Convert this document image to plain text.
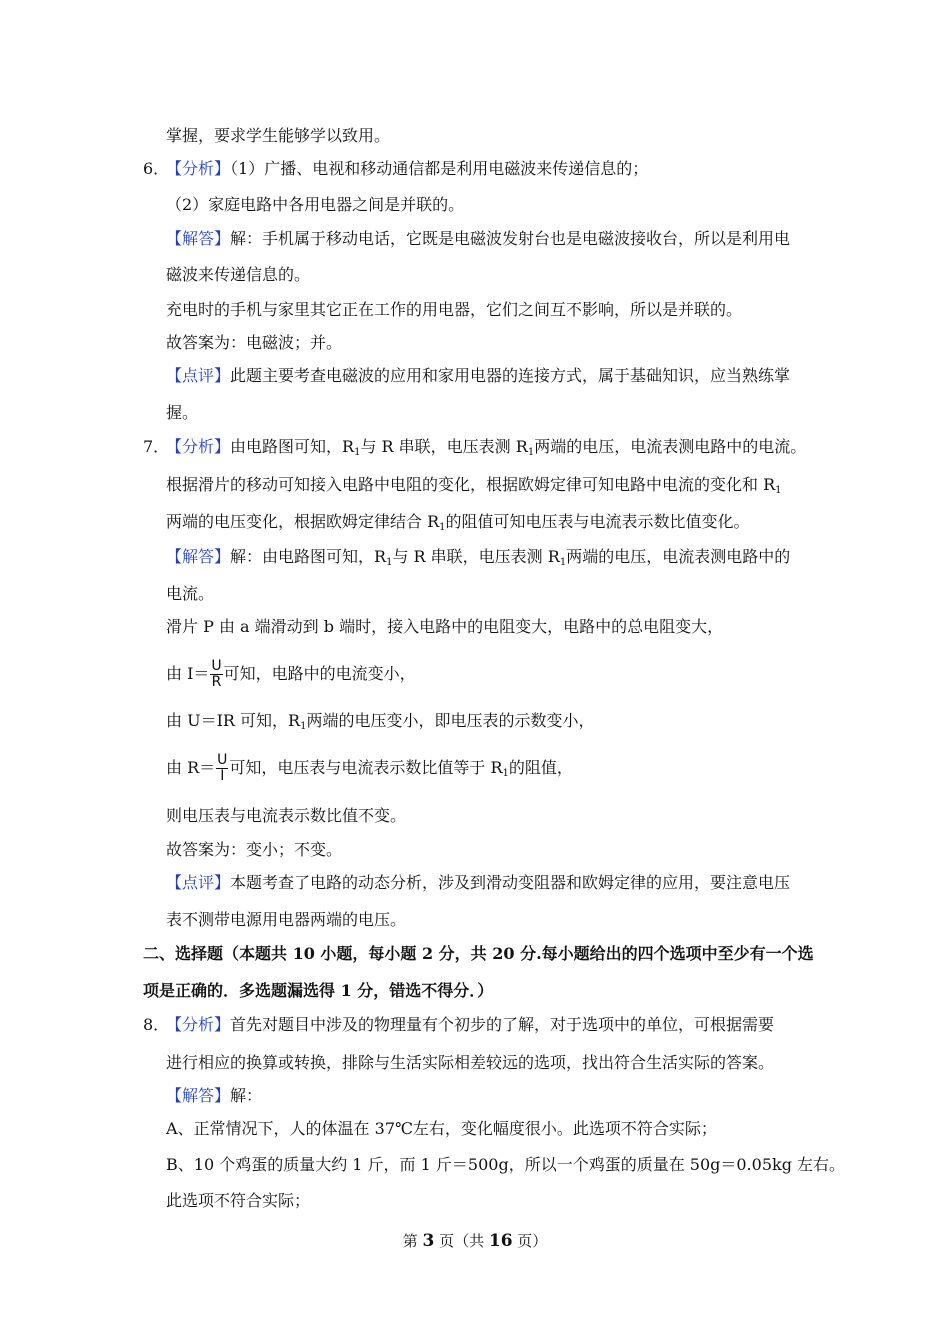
掌握，要求学生能够学以致用。
6．
【分析】（1）广播、电视和移动通信都是利用电磁波来传递信息的；
（2）家庭电路中各用电器之间是并联的。
【解答】解：手机属于移动电话，它既是电磁波发射台也是电磁波接收台，所以是利用电
磁波来传递信息的。
充电时的手机与家里其它正在工作的用电器，它们之间互不影响，所以是并联的。
故答案为：电磁波；并。
【点评】此题主要考查电磁波的应用和家用电器的连接方式，属于基础知识，应当熟练掌
握。
7．
【分析】由电路图可知，$R_1$与 R 串联，电压表测 $R_1$两端的电压，电流表测电路中的电流。
根据滑片的移动可知接入电路中电阻的变化，根据欧姆定律可知电路中电流的变化和 $R_1$
两端的电压变化，根据欧姆定律结合 $R_1$的阻值可知电压表与电流表示数比值变化。
【解答】解：由电路图可知，$R_1$与 R 串联，电压表测 $R_1$两端的电压，电流表测电路中的
电流。
滑片 P 由 a 端滑动到 b 端时，接入电路中的电阻变大，电路中的总电阻变大，
由 $I= \frac{U}{R}$ 可知，电路中的电流变小，
由 U＝IR 可知，$R_1$两端的电压变小，即电压表的示数变小，
由 $R= \frac{U}{I}$ 可知，电压表与电流表示数比值等于 $R_1$的阻值，
则电压表与电流表示数比值不变。
故答案为：变小；不变。
【点评】本题考查了电路的动态分析，涉及到滑动变阻器和欧姆定律的应用，要注意电压
表不测带电源用电器两端的电压。
二、选择题（本题共 10 小题，每小题 2 分，共 20 分.每小题给出的四个选项中至少有一个选
项是正确的．多选题漏选得 1 分，错选不得分．）
8．
【分析】首先对题目中涉及的物理量有个初步的了解，对于选项中的单位，可根据需要
进行相应的换算或转换，排除与生活实际相差较远的选项，找出符合生活实际的答案。
【解答】解：
A、正常情况下，人的体温在 37℃左右，变化幅度很小。此选项不符合实际；
B、10 个鸡蛋的质量大约 1 斤，而 1 斤＝500g，所以一个鸡蛋的质量在 50g＝0.05kg 左右。
此选项不符合实际；
第 3 页（共 16 页）
